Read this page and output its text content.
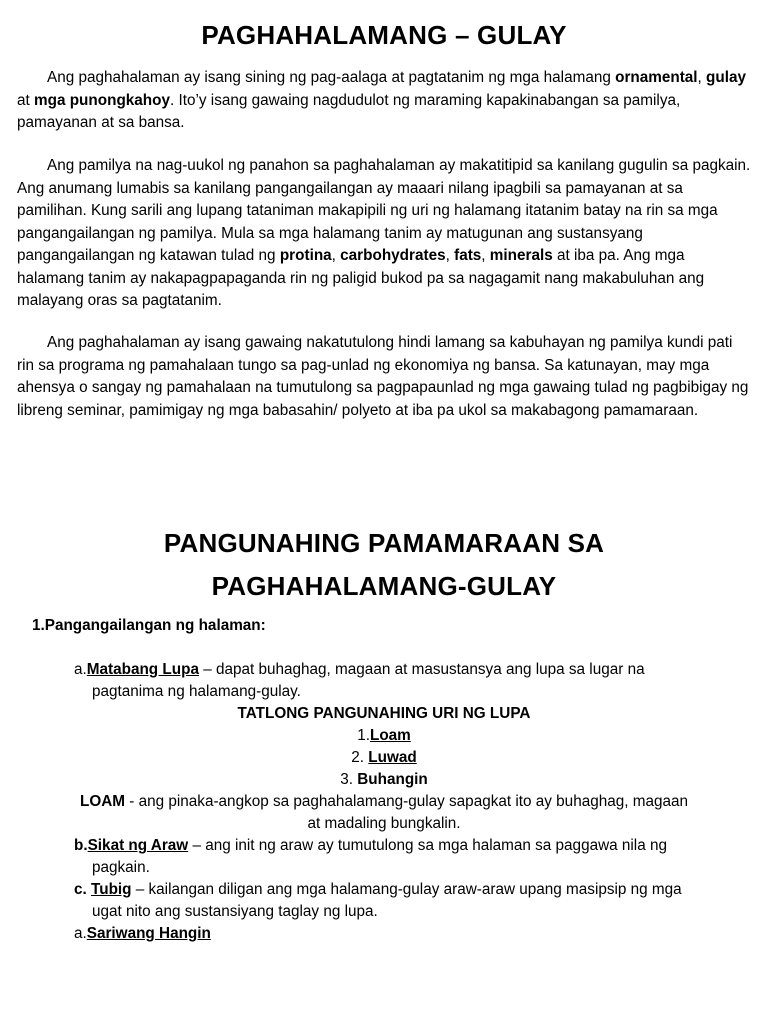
PAGHAHALAMANG – GULAY

Ang paghahalaman ay isang sining ng pag-aalaga at pagtatanim ng mga halamang ornamental, gulay at mga punongkahoy. Ito’y isang gawaing nagdudulot ng maraming kapakinabangan sa pamilya, pamayanan at sa bansa.

Ang pamilya na nag-uukol ng panahon sa paghahalaman ay makatitipid sa kanilang gugulin sa pagkain. Ang anumang lumabis sa kanilang pangangailangan ay maaari nilang ipagbili sa pamayanan at sa pamilihan. Kung sarili ang lupang tataniman makapipili ng uri ng halamang itatanim batay na rin sa mga pangangailangan ng pamilya. Mula sa mga halamang tanim ay matugunan ang sustansyang pangangailangan ng katawan tulad ng protina, carbohydrates, fats, minerals at iba pa. Ang mga halamang tanim ay nakapagpapaganda rin ng paligid bukod pa sa nagagamit nang makabuluhan ang malayang oras sa pagtatanim.

Ang paghahalaman ay isang gawaing nakatutulong hindi lamang sa kabuhayan ng pamilya kundi pati rin sa programa ng pamahalaan tungo sa pag-unlad ng ekonomiya ng bansa. Sa katunayan, may mga ahensya o sangay ng pamahalaan na tumutulong sa pagpapaunlad ng mga gawaing tulad ng pagbibigay ng libreng seminar, pamimigay ng mga babasahin/ polyeto at iba pa ukol sa makabagong pamamaraan.

PANGUNAHING PAMAMARAAN SA
PAGHAHALAMANG-GULAY
1.Pangangailangan ng halaman:
a.Matabang Lupa – dapat buhaghag, magaan at masustansya ang lupa sa lugar na
pagtanima ng halamang-gulay.
TATLONG PANGUNAHING URI NG LUPA
1.Loam
2. Luwad
3. Buhangin
LOAM - ang pinaka-angkop sa paghahalamang-gulay sapagkat ito ay buhaghag, magaan
at madaling bungkalin.
b.Sikat ng Araw – ang init ng araw ay tumutulong sa mga halaman sa paggawa nila ng
pagkain.
c. Tubig – kailangan diligan ang mga halamang-gulay araw-araw upang masipsip ng mga
ugat nito ang sustansiyang taglay ng lupa.
a.Sariwang Hangin
